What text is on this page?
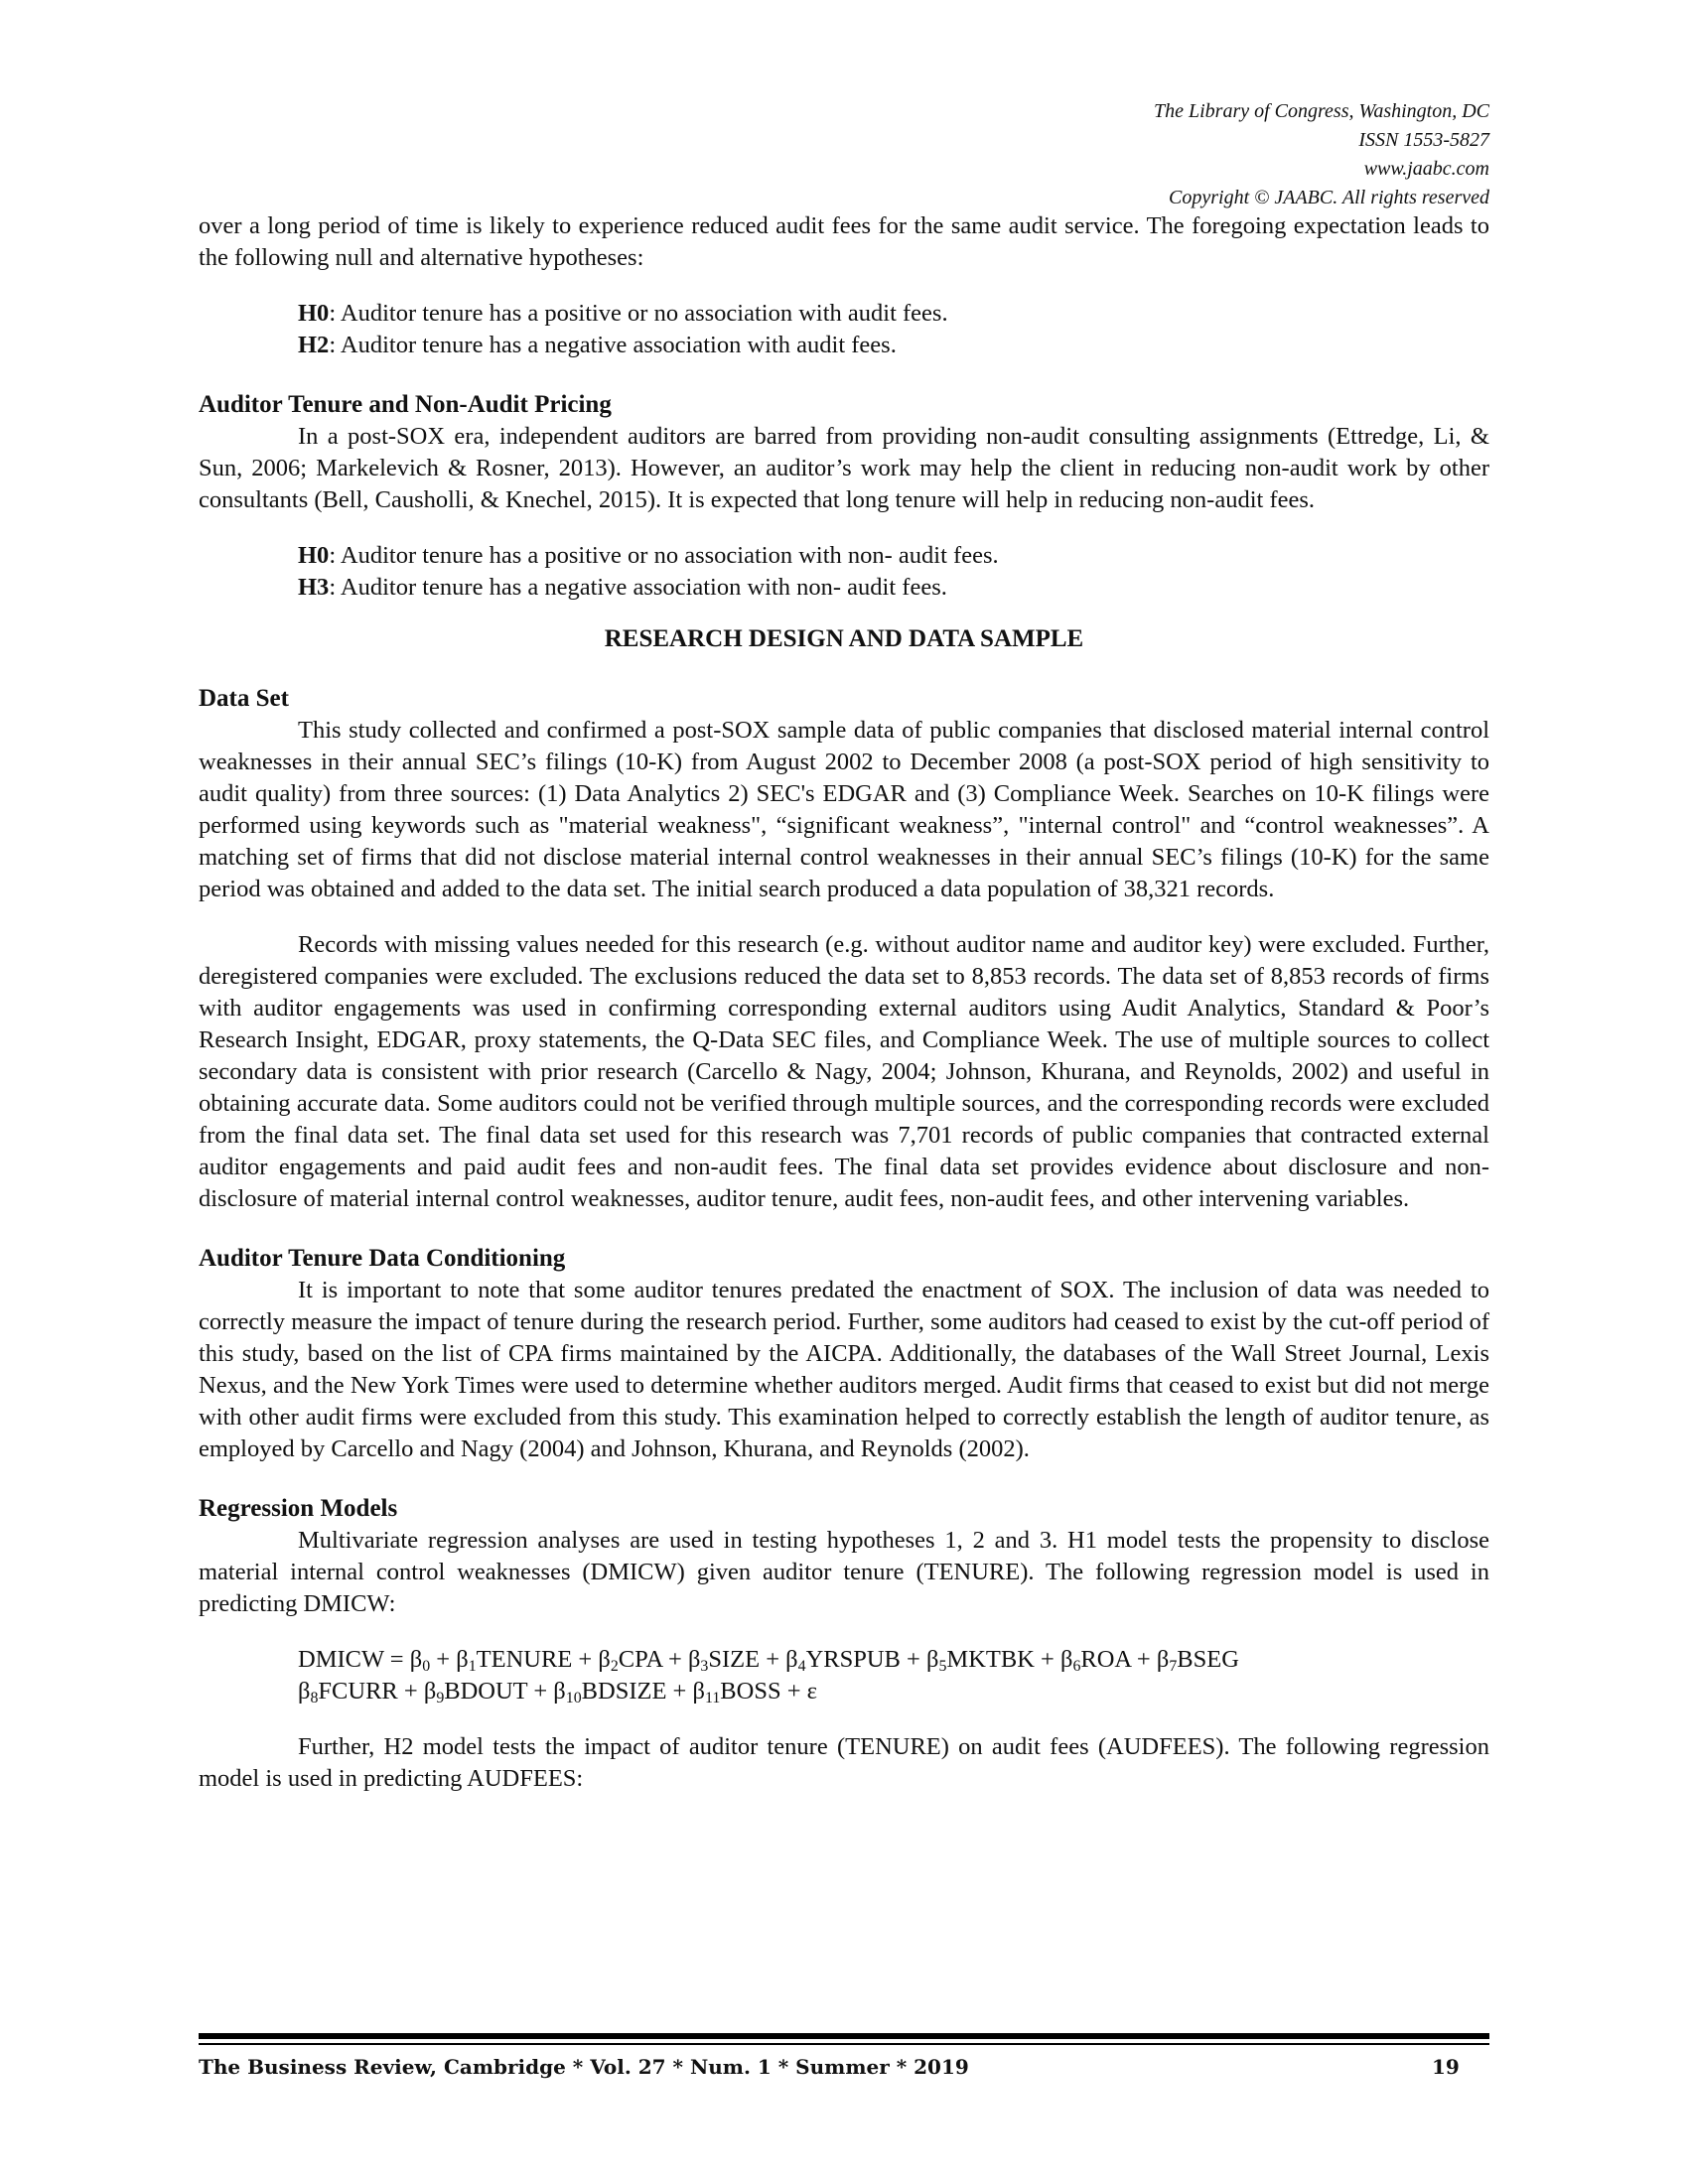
The Library of Congress, Washington, DC
ISSN 1553-5827
www.jaabc.com
Copyright © JAABC. All rights reserved

over a long period of time is likely to experience reduced audit fees for the same audit service. The foregoing expectation leads to the following null and alternative hypotheses:

H0: Auditor tenure has a positive or no association with audit fees.
H2: Auditor tenure has a negative association with audit fees.
Auditor Tenure and Non-Audit Pricing

In a post-SOX era, independent auditors are barred from providing non-audit consulting assignments (Ettredge, Li, & Sun, 2006; Markelevich & Rosner, 2013). However, an auditor’s work may help the client in reducing non-audit work by other consultants (Bell, Causholli, & Knechel, 2015). It is expected that long tenure will help in reducing non-audit fees.

H0: Auditor tenure has a positive or no association with non- audit fees.
H3: Auditor tenure has a negative association with non- audit fees.
RESEARCH DESIGN AND DATA SAMPLE
Data Set

This study collected and confirmed a post-SOX sample data of public companies that disclosed material internal control weaknesses in their annual SEC’s filings (10-K) from August 2002 to December 2008 (a post-SOX period of high sensitivity to audit quality) from three sources: (1) Data Analytics 2) SEC's EDGAR and (3) Compliance Week. Searches on 10-K filings were performed using keywords such as "material weakness", “significant weakness”, "internal control" and “control weaknesses”. A matching set of firms that did not disclose material internal control weaknesses in their annual SEC’s filings (10-K) for the same period was obtained and added to the data set. The initial search produced a data population of 38,321 records.

Records with missing values needed for this research (e.g. without auditor name and auditor key) were excluded. Further, deregistered companies were excluded. The exclusions reduced the data set to 8,853 records. The data set of 8,853 records of firms with auditor engagements was used in confirming corresponding external auditors using Audit Analytics, Standard & Poor’s Research Insight, EDGAR, proxy statements, the Q-Data SEC files, and Compliance Week. The use of multiple sources to collect secondary data is consistent with prior research (Carcello & Nagy, 2004; Johnson, Khurana, and Reynolds, 2002) and useful in obtaining accurate data. Some auditors could not be verified through multiple sources, and the corresponding records were excluded from the final data set. The final data set used for this research was 7,701 records of public companies that contracted external auditor engagements and paid audit fees and non-audit fees. The final data set provides evidence about disclosure and non-disclosure of material internal control weaknesses, auditor tenure, audit fees, non-audit fees, and other intervening variables.

Auditor Tenure Data Conditioning

It is important to note that some auditor tenures predated the enactment of SOX. The inclusion of data was needed to correctly measure the impact of tenure during the research period. Further, some auditors had ceased to exist by the cut-off period of this study, based on the list of CPA firms maintained by the AICPA. Additionally, the databases of the Wall Street Journal, Lexis Nexus, and the New York Times were used to determine whether auditors merged. Audit firms that ceased to exist but did not merge with other audit firms were excluded from this study. This examination helped to correctly establish the length of auditor tenure, as employed by Carcello and Nagy (2004) and Johnson, Khurana, and Reynolds (2002).

Regression Models

Multivariate regression analyses are used in testing hypotheses 1, 2 and 3. H1 model tests the propensity to disclose material internal control weaknesses (DMICW) given auditor tenure (TENURE). The following regression model is used in predicting DMICW:

DMICW = $\beta_0$ + $\beta_1TENURE + \beta_2CPA$ + $\beta_3SIZE$ + $\beta_4YRSPUB$ + $\beta_5MKTBK + \beta_6ROA$ + $\beta_7BSEG$
$\beta_8FCURR$ + $\beta_9BDOUT$ + $\beta_{10}BDSIZE$ + $\beta_{11}BOSS + \varepsilon$

Further, H2 model tests the impact of auditor tenure (TENURE) on audit fees (AUDFEES). The following regression model is used in predicting AUDFEES:

The Business Review, Cambridge * Vol. 27 * Num. 1 * Summer * 2019	19
